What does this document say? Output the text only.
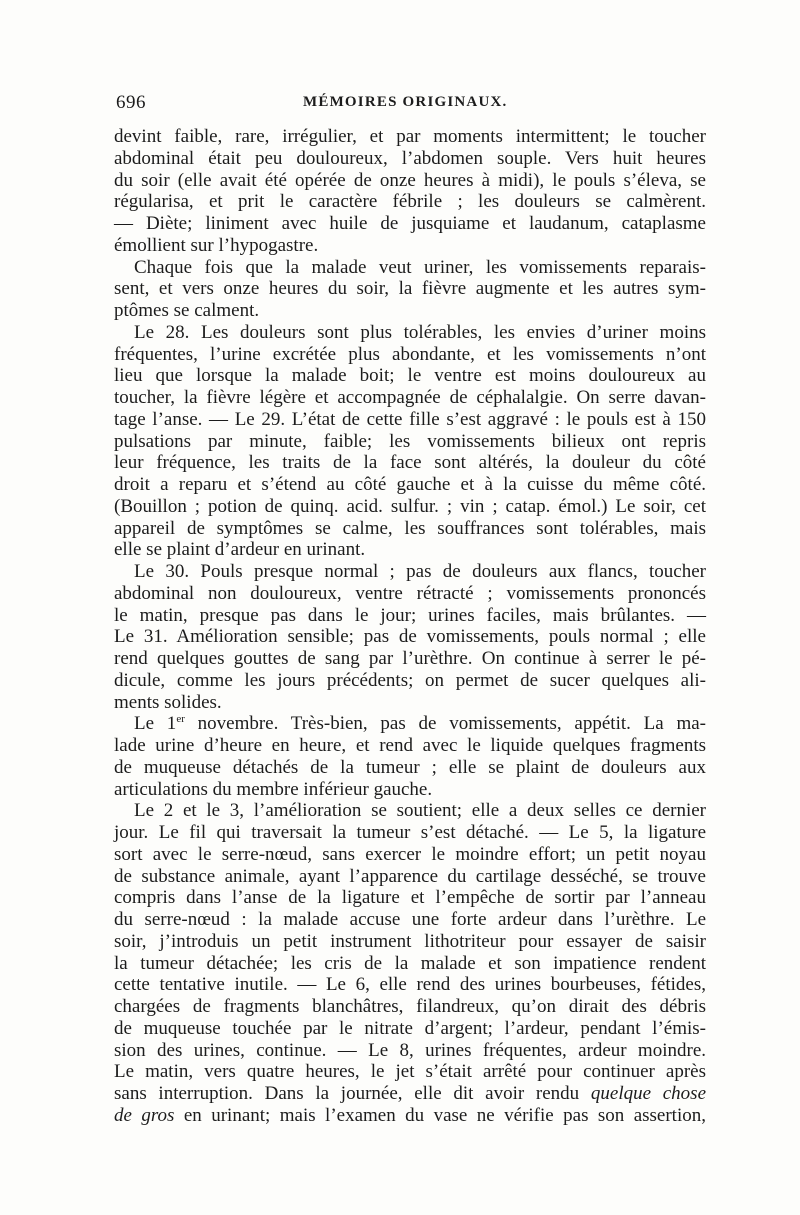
696	MÉMOIRES ORIGINAUX.
devint faible, rare, irrégulier, et par moments intermittent; le toucher
abdominal était peu douloureux, l’abdomen souple. Vers huit heures
du soir (elle avait été opérée de onze heures à midi), le pouls s’éleva, se
régularisa, et prit le caractère fébrile ; les douleurs se calmèrent.
— Diète; liniment avec huile de jusquiame et laudanum, cataplasme
émollient sur l’hypogastre.
Chaque fois que la malade veut uriner, les vomissements reparais-
sent, et vers onze heures du soir, la fièvre augmente et les autres sym-
ptômes se calment.
Le 28. Les douleurs sont plus tolérables, les envies d’uriner moins
fréquentes, l’urine excrétée plus abondante, et les vomissements n’ont
lieu que lorsque la malade boit; le ventre est moins douloureux au
toucher, la fièvre légère et accompagnée de céphalalgie. On serre davan-
tage l’anse. — Le 29. L’état de cette fille s’est aggravé : le pouls est à 150
pulsations par minute, faible; les vomissements bilieux ont repris
leur fréquence, les traits de la face sont altérés, la douleur du côté
droit a reparu et s’étend au côté gauche et à la cuisse du même côté.
(Bouillon ; potion de quinq. acid. sulfur. ; vin ; catap. émol.) Le soir, cet
appareil de symptômes se calme, les souffrances sont tolérables, mais
elle se plaint d’ardeur en urinant.
Le 30. Pouls presque normal ; pas de douleurs aux flancs, toucher
abdominal non douloureux, ventre rétracté ; vomissements prononcés
le matin, presque pas dans le jour; urines faciles, mais brûlantes. —
Le 31. Amélioration sensible; pas de vomissements, pouls normal ; elle
rend quelques gouttes de sang par l’urèthre. On continue à serrer le pé-
dicule, comme les jours précédents; on permet de sucer quelques ali-
ments solides.
Le 1er novembre. Très-bien, pas de vomissements, appétit. La ma-
lade urine d’heure en heure, et rend avec le liquide quelques fragments
de muqueuse détachés de la tumeur ; elle se plaint de douleurs aux
articulations du membre inférieur gauche.
Le 2 et le 3, l’amélioration se soutient; elle a deux selles ce dernier
jour. Le fil qui traversait la tumeur s’est détaché. — Le 5, la ligature
sort avec le serre-nœud, sans exercer le moindre effort; un petit noyau
de substance animale, ayant l’apparence du cartilage desséché, se trouve
compris dans l’anse de la ligature et l’empêche de sortir par l’anneau
du serre-nœud : la malade accuse une forte ardeur dans l’urèthre. Le
soir, j’introduis un petit instrument lithotriteur pour essayer de saisir
la tumeur détachée; les cris de la malade et son impatience rendent
cette tentative inutile. — Le 6, elle rend des urines bourbeuses, fétides,
chargées de fragments blanchâtres, filandreux, qu’on dirait des débris
de muqueuse touchée par le nitrate d’argent; l’ardeur, pendant l’émis-
sion des urines, continue. — Le 8, urines fréquentes, ardeur moindre.
Le matin, vers quatre heures, le jet s’était arrêté pour continuer après
sans interruption. Dans la journée, elle dit avoir rendu quelque chose
de gros en urinant; mais l’examen du vase ne vérifie pas son assertion,
